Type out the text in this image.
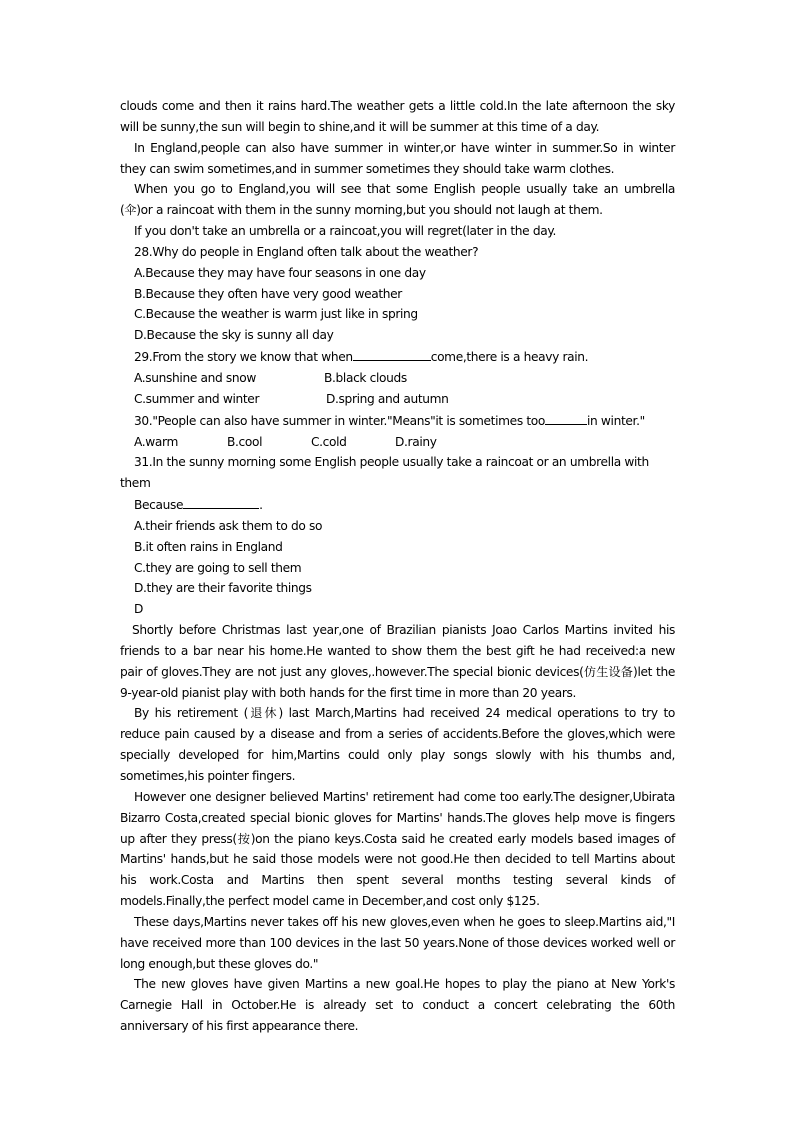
clouds come and then it rains hard.The weather gets a little cold.In the late afternoon the sky will be sunny,the sun will begin to shine,and it will be summer at this time of a day.

In England,people can also have summer in winter,or have winter in summer.So in winter they can swim sometimes,and in summer sometimes they should take warm clothes.

When you go to England,you will see that some English people usually take an umbrella (伞)or a raincoat with them in the sunny morning,but you should not laugh at them.

If you don't take an umbrella or a raincoat,you will regret(later in the day.

28.Why do people in England often talk about the weather?

A.Because they may have four seasons in one day

B.Because they often have very good weather

C.Because the weather is warm just like in spring

D.Because the sky is sunny all day

29.From the story we know that when	come,there is a heavy rain.

A.sunshine and snow	B.black clouds

C.summer and winter	D.spring and autumn

30."People can also have summer in winter."Means"it is sometimes too	in winter."

A.warm	B.cool	C.cold	D.rainy

31.In the sunny morning some English people usually take a raincoat or an umbrella with them

Because	.

A.their friends ask them to do so

B.it often rains in England

C.they are going to sell them

D.they are their favorite things

D

Shortly before Christmas last year,one of Brazilian pianists Joao Carlos Martins invited his friends to a bar near his home.He wanted to show them the best gift he had received:a new pair of gloves.They are not just any gloves,.however.The special bionic devices(仿生设备)let the 9-year-old pianist play with both hands for the first time in more than 20 years.

By his retirement (退休) last March,Martins had received 24 medical operations to try to reduce pain caused by a disease and from a series of accidents.Before the gloves,which were specially developed for him,Martins could only play songs slowly with his thumbs and, sometimes,his pointer fingers.

However one designer believed Martins' retirement had come too early.The designer,Ubirata Bizarro Costa,created special bionic gloves for Martins' hands.The gloves help move is fingers up after they press(按)on the piano keys.Costa said he created early models based images of Martins' hands,but he said those models were not good.He then decided to tell Martins about his work.Costa and Martins then spent several months testing several kinds of models.Finally,the perfect model came in December,and cost only $125.

These days,Martins never takes off his new gloves,even when he goes to sleep.Martins aid,"I have received more than 100 devices in the last 50 years.None of those devices worked well or long enough,but these gloves do."

The new gloves have given Martins a new goal.He hopes to play the piano at New York's Carnegie Hall in October.He is already set to conduct a concert celebrating the 60th anniversary of his first appearance there.
